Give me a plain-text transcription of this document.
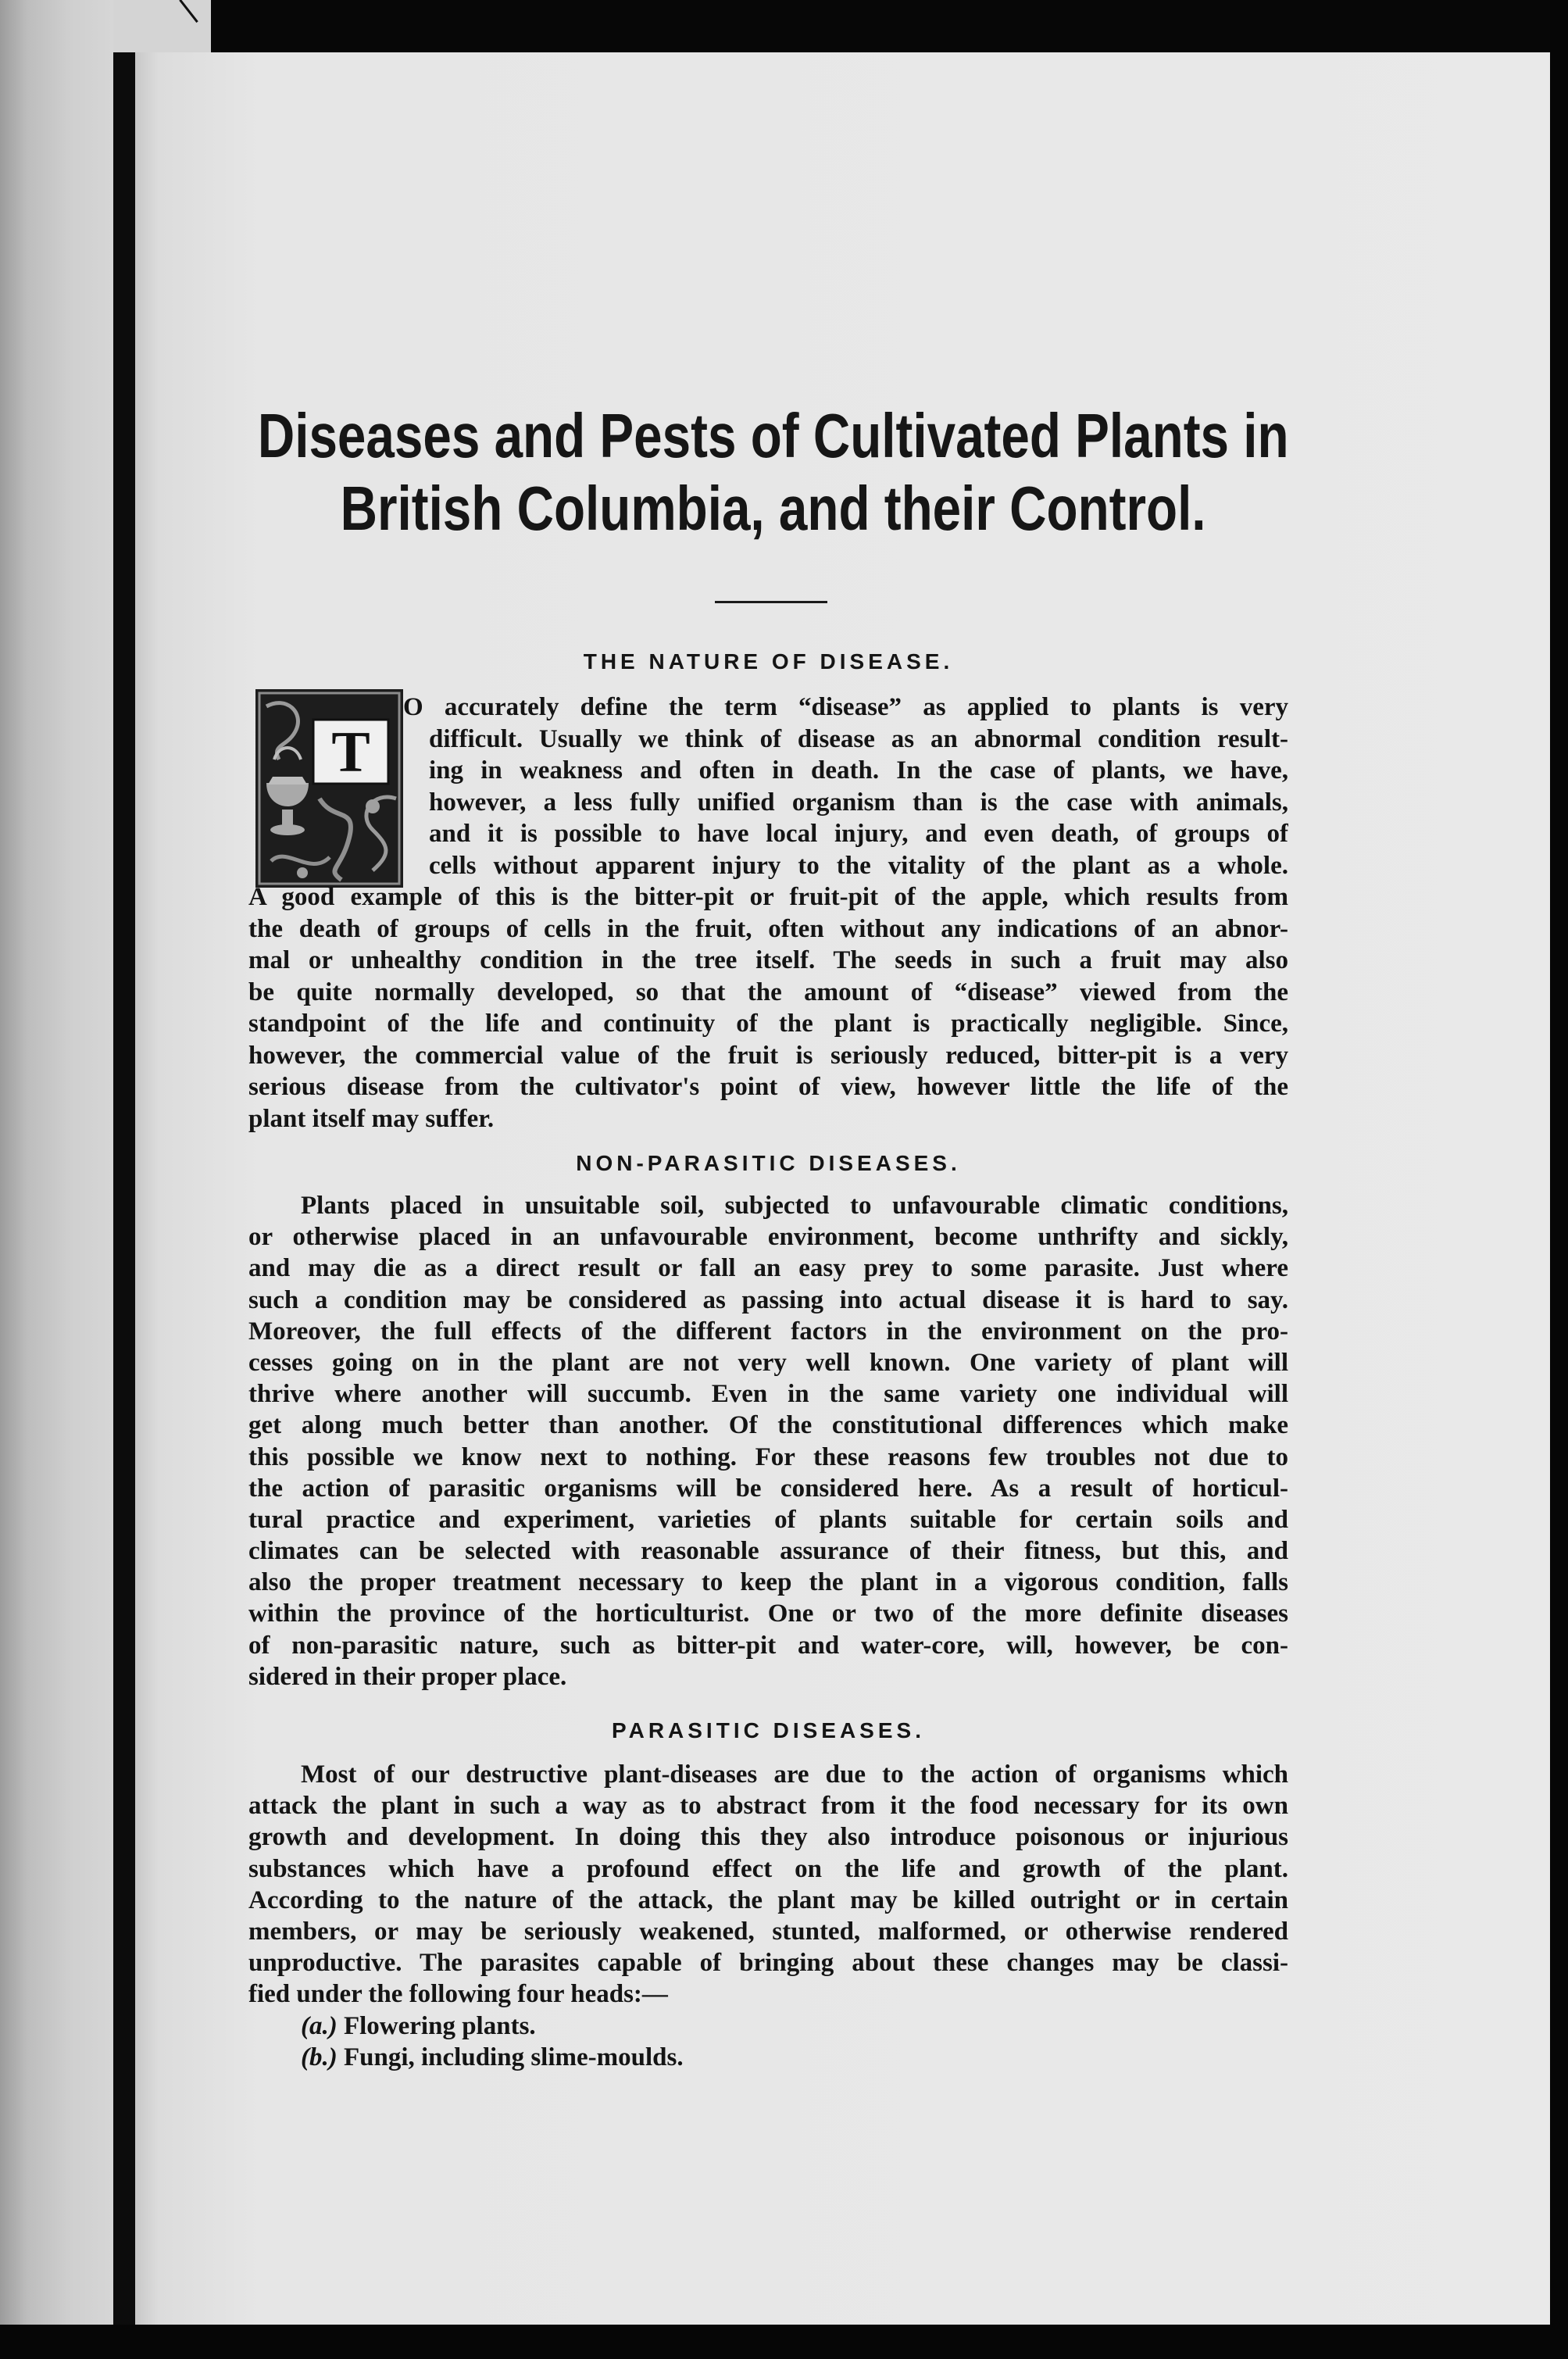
Diseases and Pests of Cultivated Plants in
British Columbia, and their Control.
THE NATURE OF DISEASE.
T
O accurately define the term “disease” as applied to plants is very
difficult. Usually we think of disease as an abnormal condition result-
ing in weakness and often in death. In the case of plants, we have,
however, a less fully unified organism than is the case with animals,
and it is possible to have local injury, and even death, of groups of
cells without apparent injury to the vitality of the plant as a whole.
A good example of this is the bitter-pit or fruit-pit of the apple, which results from
the death of groups of cells in the fruit, often without any indications of an abnor-
mal or unhealthy condition in the tree itself. The seeds in such a fruit may also
be quite normally developed, so that the amount of “disease” viewed from the
standpoint of the life and continuity of the plant is practically negligible. Since,
however, the commercial value of the fruit is seriously reduced, bitter-pit is a very
serious disease from the cultivator's point of view, however little the life of the
plant itself may suffer.
NON-PARASITIC DISEASES.
Plants placed in unsuitable soil, subjected to unfavourable climatic conditions,
or otherwise placed in an unfavourable environment, become unthrifty and sickly,
and may die as a direct result or fall an easy prey to some parasite. Just where
such a condition may be considered as passing into actual disease it is hard to say.
Moreover, the full effects of the different factors in the environment on the pro-
cesses going on in the plant are not very well known. One variety of plant will
thrive where another will succumb. Even in the same variety one individual will
get along much better than another. Of the constitutional differences which make
this possible we know next to nothing. For these reasons few troubles not due to
the action of parasitic organisms will be considered here. As a result of horticul-
tural practice and experiment, varieties of plants suitable for certain soils and
climates can be selected with reasonable assurance of their fitness, but this, and
also the proper treatment necessary to keep the plant in a vigorous condition, falls
within the province of the horticulturist. One or two of the more definite diseases
of non-parasitic nature, such as bitter-pit and water-core, will, however, be con-
sidered in their proper place.
PARASITIC DISEASES.
Most of our destructive plant-diseases are due to the action of organisms which
attack the plant in such a way as to abstract from it the food necessary for its own
growth and development. In doing this they also introduce poisonous or injurious
substances which have a profound effect on the life and growth of the plant.
According to the nature of the attack, the plant may be killed outright or in certain
members, or may be seriously weakened, stunted, malformed, or otherwise rendered
unproductive. The parasites capable of bringing about these changes may be classi-
fied under the following four heads:—
(a.) Flowering plants.
(b.) Fungi, including slime-moulds.
